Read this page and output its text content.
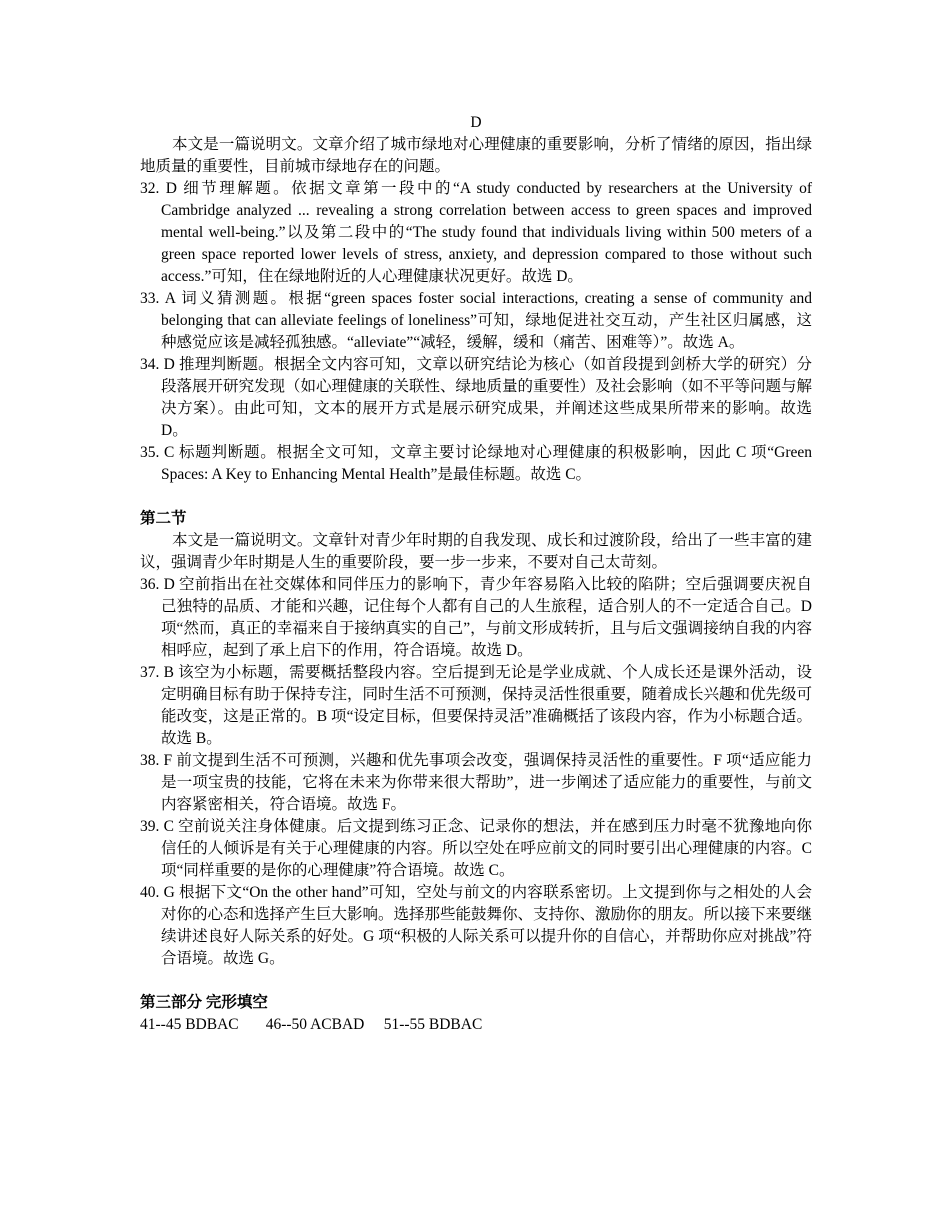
D
本文是一篇说明文。文章介绍了城市绿地对心理健康的重要影响，分析了情绪的原因，指出绿地质量的重要性，目前城市绿地存在的问题。
32. D 细节理解题。依据文章第一段中的“A study conducted by researchers at the University of Cambridge analyzed ... revealing a strong correlation between access to green spaces and improved mental well-being.”以及第二段中的“The study found that individuals living within 500 meters of a green space reported lower levels of stress, anxiety, and depression compared to those without such access.”可知，住在绿地附近的人心理健康状况更好。故选 D。
33. A 词义猜测题。根据“green spaces foster social interactions, creating a sense of community and belonging that can alleviate feelings of loneliness”可知，绿地促进社交互动，产生社区归属感，这种感觉应该是减轻孤独感。“alleviate”“减轻，缓解，缓和（痛苦、困难等）”。故选 A。
34. D 推理判断题。根据全文内容可知，文章以研究结论为核心（如首段提到剑桥大学的研究）分段落展开研究发现（如心理健康的关联性、绿地质量的重要性）及社会影响（如不平等问题与解决方案）。由此可知，文本的展开方式是展示研究成果，并阐述这些成果所带来的影响。故选 D。
35. C 标题判断题。根据全文可知，文章主要讨论绿地对心理健康的积极影响，因此 C 项“Green Spaces: A Key to Enhancing Mental Health”是最佳标题。故选 C。
第二节
本文是一篇说明文。文章针对青少年时期的自我发现、成长和过渡阶段，给出了一些丰富的建议，强调青少年时期是人生的重要阶段，要一步一步来，不要对自己太苛刻。
36. D 空前指出在社交媒体和同伴压力的影响下，青少年容易陷入比较的陷阱；空后强调要庆祝自己独特的品质、才能和兴趣，记住每个人都有自己的人生旅程，适合别人的不一定适合自己。D 项“然而，真正的幸福来自于接纳真实的自己”，与前文形成转折，且与后文强调接纳自我的内容相呼应，起到了承上启下的作用，符合语境。故选 D。
37. B 该空为小标题，需要概括整段内容。空后提到无论是学业成就、个人成长还是课外活动，设定明确目标有助于保持专注，同时生活不可预测，保持灵活性很重要，随着成长兴趣和优先级可能改变，这是正常的。B 项“设定目标，但要保持灵活”准确概括了该段内容，作为小标题合适。故选 B。
38. F 前文提到生活不可预测，兴趣和优先事项会改变，强调保持灵活性的重要性。F 项“适应能力是一项宝贵的技能，它将在未来为你带来很大帮助”，进一步阐述了适应能力的重要性，与前文内容紧密相关，符合语境。故选 F。
39. C 空前说关注身体健康。后文提到练习正念、记录你的想法，并在感到压力时毫不犹豫地向你信任的人倾诉是有关于心理健康的内容。所以空处在呼应前文的同时要引出心理健康的内容。C 项“同样重要的是你的心理健康”符合语境。故选 C。
40. G 根据下文“On the other hand”可知，空处与前文的内容联系密切。上文提到你与之相处的人会对你的心态和选择产生巨大影响。选择那些能鼓舞你、支持你、激励你的朋友。所以接下来要继续讲述良好人际关系的好处。G 项“积极的人际关系可以提升你的自信心，并帮助你应对挑战”符合语境。故选 G。
第三部分 完形填空
41--45 BDBAC       46--50 ACBAD     51--55 BDBAC
